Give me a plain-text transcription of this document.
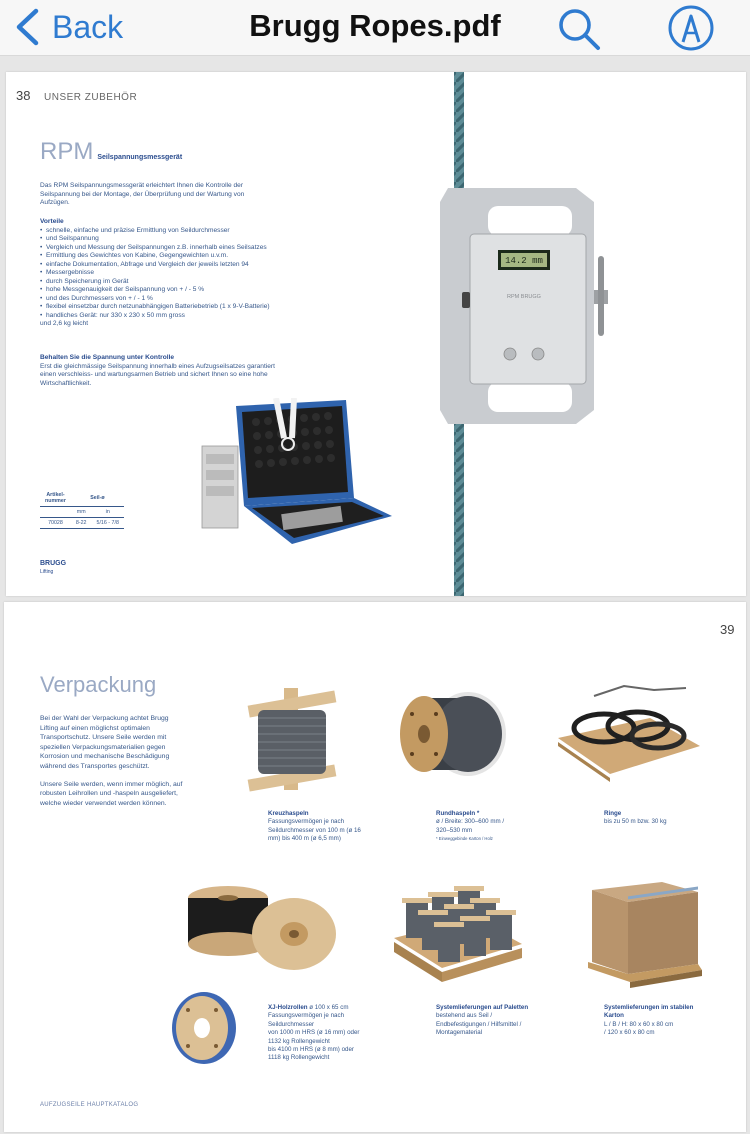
Back	Brugg Ropes.pdf
38 UNSER ZUBEHÖR
RPM Seilspannungsmessgerät
Das RPM Seilspannungsmessgerät erleichtert Ihnen die Kontrolle der
Seilspannung bei der Montage, der Überprüfung und der Wartung von
Aufzügen.
Vorteile
• schnelle, einfache und präzise Ermittlung von Seildurchmesser
• und Seilspannung
• Vergleich und Messung der Seilspannungen z.B. innerhalb eines Seilsatzes
• Ermittlung des Gewichtes von Kabine, Gegengewichten u.v.m.
• einfache Dokumentation, Abfrage und Vergleich der jeweils letzten 94
• Messergebnisse
• durch Speicherung im Gerät
• hohe Messgenauigkeit der Seilspannung von + / - 5 %
• und des Durchmessers von + / - 1 %
• flexibel einsetzbar durch netzunabhängigen Batteriebetrieb (1 x 9-V-Batterie)
• handliches Gerät: nur 330 x 230 x 50 mm gross
und 2,6 kg leicht
Behalten Sie die Spannung unter Kontrolle
Erst die gleichmässige Seilspannung innerhalb eines Aufzugseilsatzes garantiert
einen verschleiss- und wartungsarmen Betrieb und sichert Ihnen so eine hohe
Wirtschaftlichkeit.
Artikel-
nummer	Seil-ø	
	mm	in
70028	8-22	5/16 - 7/8
BRUGG
Lifting
14.2 mm
RPM BRUGG
39
Verpackung
Bei der Wahl der Verpackung achtet Brugg
Lifting auf einen möglichst optimalen
Transportschutz. Unsere Seile werden mit
speziellen Verpackungsmaterialien gegen
Korrosion und mechanische Beschädigung
während des Transportes geschützt.
Unsere Seile werden, wenn immer möglich, auf
robusten Leihrollen und -haspeln ausgeliefert,
welche wieder verwendet werden können.
Kreuzhaspeln
Fassungsvermögen je nach
Seildurchmesser von 100 m (ø 16
mm) bis 400 m (ø 6,5 mm)
Rundhaspeln *
ø / Breite: 300–600 mm /
320–530 mm
* Einweggebinde Karton / Holz
Ringe
bis zu 50 m bzw. 30 kg
XJ-Holzrollen ø 100 x 65 cm
Fassungsvermögen je nach
Seildurchmesser
von 1000 m HRS (ø 16 mm) oder
1132 kg Rollengewicht
bis 4100 m HRS (ø 8 mm) oder
1118 kg Rollengewicht
Systemlieferungen auf Paletten
bestehend aus Seil /
Endbefestigungen / Hilfsmittel /
Montagematerial
Systemlieferungen im stabilen
Karton
L / B / H: 80 x 60 x 80 cm
/ 120 x 60 x 80 cm
AUFZUGSEILE HAUPTKATALOG
